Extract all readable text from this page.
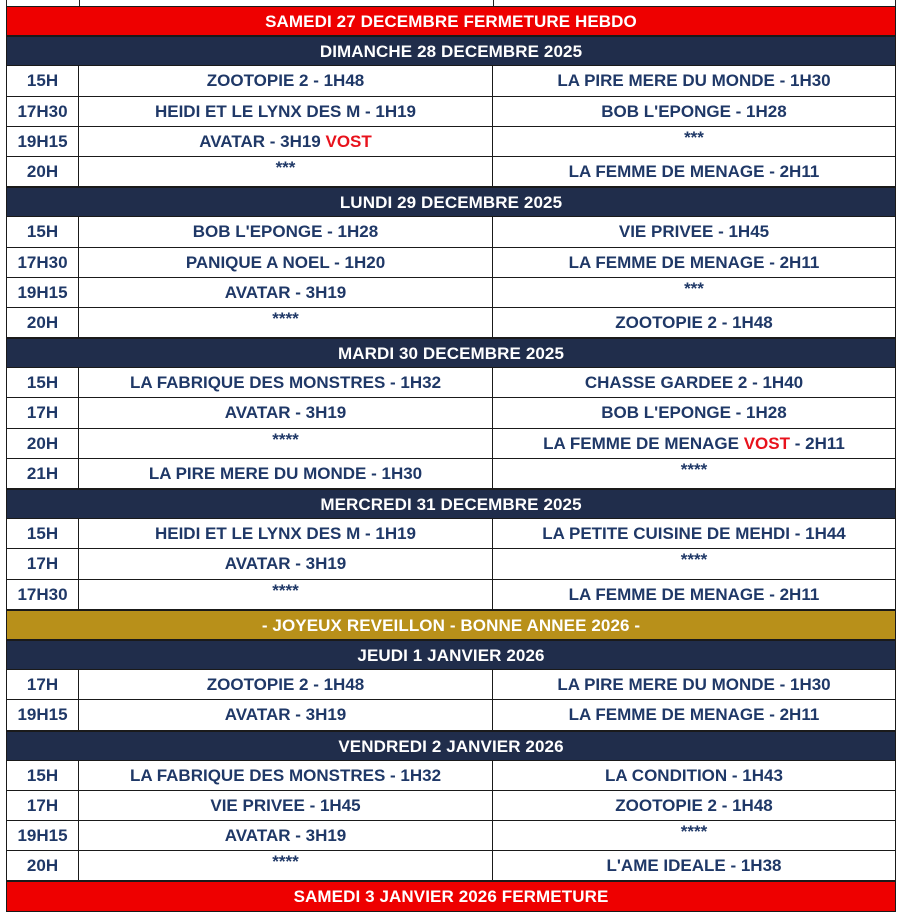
SAMEDI 27 DECEMBRE FERMETURE HEBDO
DIMANCHE 28 DECEMBRE 2025
15H	ZOOTOPIE 2 - 1H48	LA PIRE MERE DU MONDE - 1H30
17H30	HEIDI ET LE LYNX DES M - 1H19	BOB L'EPONGE - 1H28
19H15	AVATAR - 3H19 VOST	***
20H	***	LA FEMME DE MENAGE - 2H11
LUNDI 29 DECEMBRE 2025
15H	BOB L'EPONGE - 1H28	VIE PRIVEE - 1H45
17H30	PANIQUE A NOEL - 1H20	LA FEMME DE MENAGE - 2H11
19H15	AVATAR - 3H19	***
20H	****	ZOOTOPIE 2 - 1H48
MARDI 30 DECEMBRE 2025
15H	LA FABRIQUE DES MONSTRES - 1H32	CHASSE GARDEE 2 - 1H40
17H	AVATAR - 3H19	BOB L'EPONGE - 1H28
20H	****	LA FEMME DE MENAGE VOST - 2H11
21H	LA PIRE MERE DU MONDE - 1H30	****
MERCREDI 31 DECEMBRE 2025
15H	HEIDI ET LE LYNX DES M - 1H19	LA PETITE CUISINE DE MEHDI - 1H44
17H	AVATAR - 3H19	****
17H30	****	LA FEMME DE MENAGE - 2H11
- JOYEUX REVEILLON - BONNE ANNEE 2026 -
JEUDI 1 JANVIER 2026
17H	ZOOTOPIE 2 - 1H48	LA PIRE MERE DU MONDE - 1H30
19H15	AVATAR - 3H19	LA FEMME DE MENAGE - 2H11
VENDREDI 2 JANVIER 2026
15H	LA FABRIQUE DES MONSTRES - 1H32	LA CONDITION - 1H43
17H	VIE PRIVEE - 1H45	ZOOTOPIE 2 - 1H48
19H15	AVATAR - 3H19	****
20H	****	L'AME IDEALE - 1H38
SAMEDI 3 JANVIER 2026 FERMETURE
